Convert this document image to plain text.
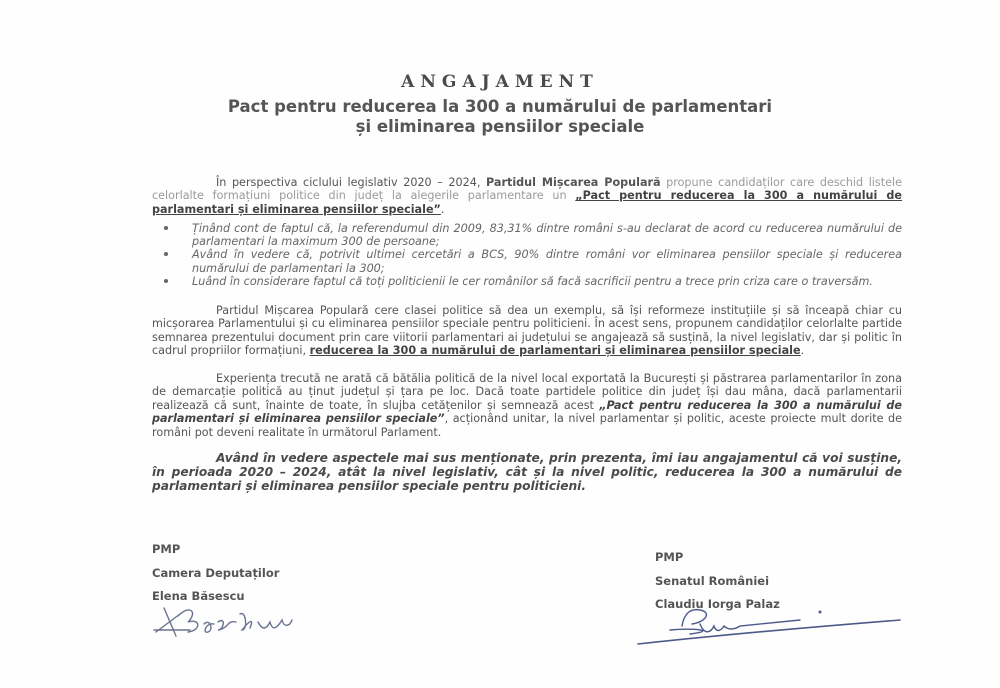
ANGAJAMENT
Pact pentru reducerea la 300 a numărului de parlamentari
și eliminarea pensiilor speciale
În perspectiva ciclului legislativ 2020 – 2024, Partidul Mișcarea Populară propune candidaților care deschid listele celorlalte formațiuni politice din județ la alegerile parlamentare un „Pact pentru reducerea la 300 a numărului de parlamentari și eliminarea pensiilor speciale”.
Ținând cont de faptul că, la referendumul din 2009, 83,31% dintre români s-au declarat de acord cu reducerea numărului de parlamentari la maximum 300 de persoane;
Având în vedere că, potrivit ultimei cercetări a BCS, 90% dintre români vor eliminarea pensiilor speciale și reducerea numărului de parlamentari la 300;
Luând în considerare faptul că toți politicienii le cer românilor să facă sacrificii pentru a trece prin criza care o traversăm.
Partidul Mișcarea Populară cere clasei politice să dea un exemplu, să își reformeze instituțiile și să înceapă chiar cu micșorarea Parlamentului și cu eliminarea pensiilor speciale pentru politicieni. În acest sens, propunem candidaților celorlalte partide semnarea prezentului document prin care viitorii parlamentari ai județului se angajează să susțină, la nivel legislativ, dar și politic în cadrul propriilor formațiuni, reducerea la 300 a numărului de parlamentari și eliminarea pensiilor speciale.
Experiența trecută ne arată că bătălia politică de la nivel local exportată la București și păstrarea parlamentarilor în zona de demarcație politică au ținut județul și țara pe loc. Dacă toate partidele politice din județ își dau mâna, dacă parlamentarii realizează că sunt, înainte de toate, în slujba cetățenilor și semnează acest „Pact pentru reducerea la 300 a numărului de parlamentari și eliminarea pensiilor speciale”, acționând unitar, la nivel parlamentar și politic, aceste proiecte mult dorite de români pot deveni realitate în următorul Parlament.
Având în vedere aspectele mai sus menționate, prin prezenta, îmi iau angajamentul că voi susține, în perioada 2020 – 2024, atât la nivel legislativ, cât și la nivel politic, reducerea la 300 a numărului de parlamentari și eliminarea pensiilor speciale pentru politicieni.
PMP
Camera Deputaților
Elena Băsescu
PMP
Senatul României
Claudiu Iorga Palaz
